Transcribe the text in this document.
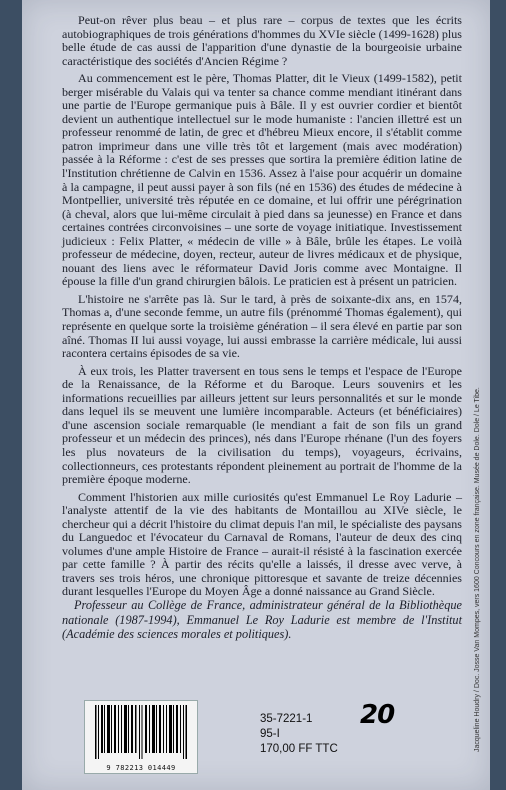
Peut-on rêver plus beau – et plus rare – corpus de textes que les écrits autobiographiques de trois générations d'hommes du XVIe siècle (1499-1628) plus belle étude de cas aussi de l'apparition d'une dynastie de la bourgeoisie urbaine caractéristique des sociétés d'Ancien Régime ?

Au commencement est le père, Thomas Platter, dit le Vieux (1499-1582), petit berger misérable du Valais qui va tenter sa chance comme mendiant itinérant dans une partie de l'Europe germanique puis à Bâle. Il y est ouvrier cordier et bientôt devient un authentique intellectuel sur le mode humaniste : l'ancien illettré est un professeur renommé de latin, de grec et d'hébreu Mieux encore, il s'établit comme patron imprimeur dans une ville très tôt et largement (mais avec modération) passée à la Réforme : c'est de ses presses que sortira la première édition latine de l'Institution chrétienne de Calvin en 1536. Assez à l'aise pour acquérir un domaine à la campagne, il peut aussi payer à son fils (né en 1536) des études de médecine à Montpellier, université très réputée en ce domaine, et lui offrir une pérégrination (à cheval, alors que lui-même circulait à pied dans sa jeunesse) en France et dans certaines contrées circonvoisines – une sorte de voyage initiatique. Investissement judicieux : Felix Platter, « médecin de ville » à Bâle, brûle les étapes. Le voilà professeur de médecine, doyen, recteur, auteur de livres médicaux et de physique, nouant des liens avec le réformateur David Joris comme avec Montaigne. Il épouse la fille d'un grand chirurgien bâlois. Le praticien est à présent un patricien.

L'histoire ne s'arrête pas là. Sur le tard, à près de soixante-dix ans, en 1574, Thomas a, d'une seconde femme, un autre fils (prénommé Thomas également), qui représente en quelque sorte la troisième génération – il sera élevé en partie par son aîné. Thomas II lui aussi voyage, lui aussi embrasse la carrière médicale, lui aussi racontera certains épisodes de sa vie.

À eux trois, les Platter traversent en tous sens le temps et l'espace de l'Europe de la Renaissance, de la Réforme et du Baroque. Leurs souvenirs et les informations recueillies par ailleurs jettent sur leurs personnalités et sur le monde dans lequel ils se meuvent une lumière incomparable. Acteurs (et bénéficiaires) d'une ascension sociale remarquable (le mendiant a fait de son fils un grand professeur et un médecin des princes), nés dans l'Europe rhénane (l'un des foyers les plus novateurs de la civilisation du temps), voyageurs, écrivains, collectionneurs, ces protestants répondent pleinement au portrait de l'homme de la première époque moderne.

Comment l'historien aux mille curiosités qu'est Emmanuel Le Roy Ladurie – l'analyste attentif de la vie des habitants de Montaillou au XIVe siècle, le chercheur qui a décrit l'histoire du climat depuis l'an mil, le spécialiste des paysans du Languedoc et l'évocateur du Carnaval de Romans, l'auteur de deux des cinq volumes d'une ample Histoire de France – aurait-il résisté à la fascination exercée par cette famille ? À partir des récits qu'elle a laissés, il dresse avec verve, à travers ses trois héros, une chronique pittoresque et savante de treize décennies durant lesquelles l'Europe du Moyen Âge a donné naissance au Grand Siècle.

Professeur au Collège de France, administrateur général de la Bibliothèque nationale (1987-1994), Emmanuel Le Roy Ladurie est membre de l'Institut (Académie des sciences morales et politiques).	Jacqueline Houdry / Doc. Josse Van Mompes, vers 1600 Concours en zone française. Musée de Dole. Dole / Le Tibe.
9 782213 014449
35-7221-1
95-I
170,00 FF TTC
20
